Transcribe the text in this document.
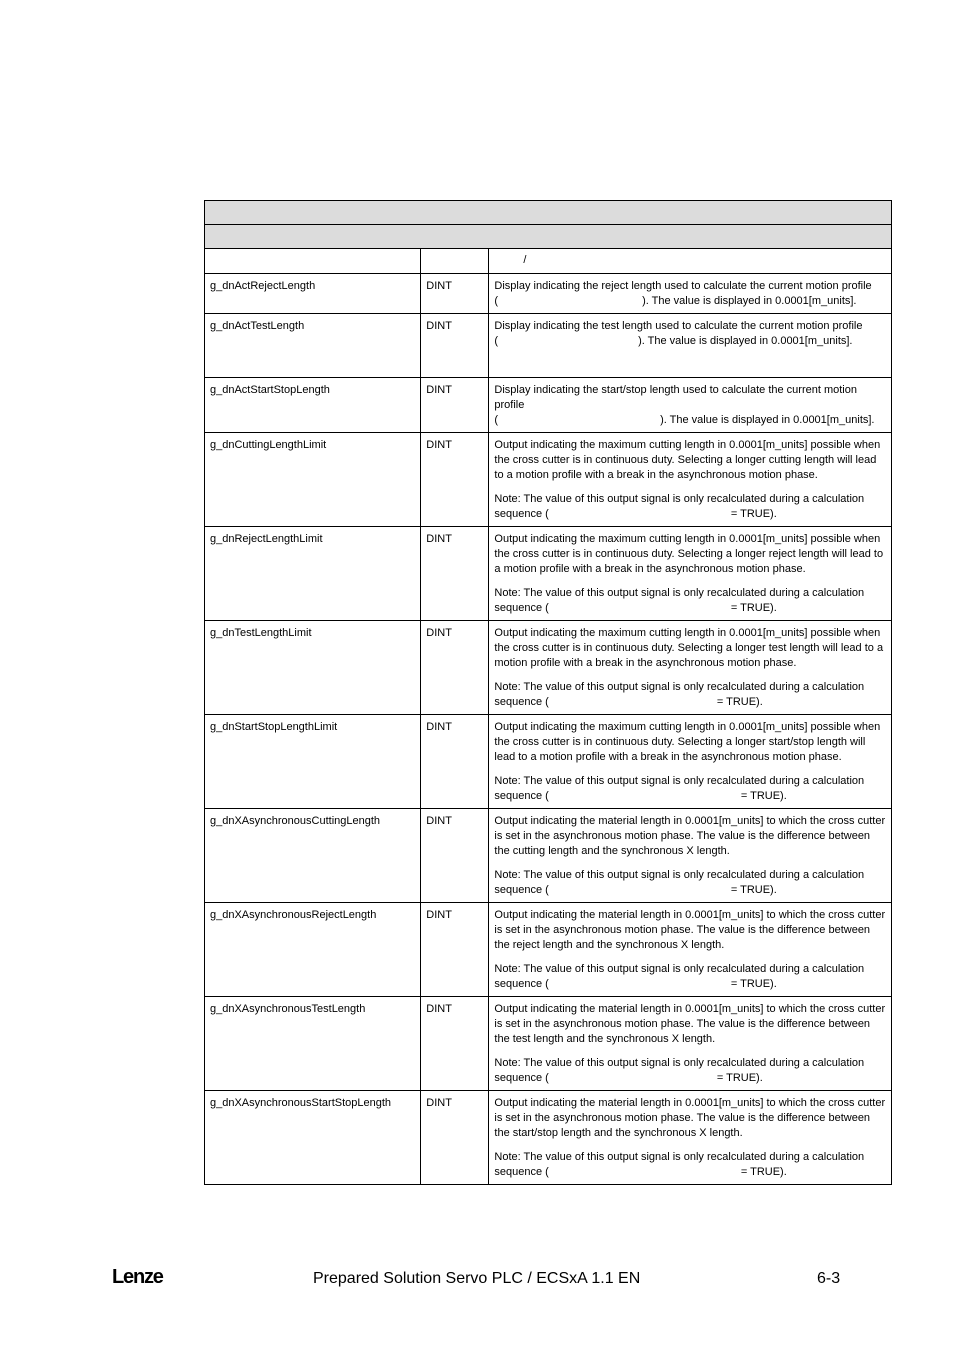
		/
g_dnActRejectLength	DINT	Display indicating the reject length used to calculate the current motion profile
( ). The value is displayed in 0.0001[m_units].

g_dnActTestLength	DINT	Display indicating the test length used to calculate the current motion profile
( ). The value is displayed in 0.0001[m_units].

g_dnActStartStopLength	DINT	Display indicating the start/stop length used to calculate the current motion profile
( ). The value is displayed in 0.0001[m_units].

g_dnCuttingLengthLimit	DINT	Output indicating the maximum cutting length in 0.0001[m_units] possible when the cross cutter is in continuous duty. Selecting a longer cutting length will lead to a motion profile with a break in the asynchronous motion phase.

Note: The value of this output signal is only recalculated during a calculation
sequence ( = TRUE).

g_dnRejectLengthLimit	DINT	Output indicating the maximum cutting length in 0.0001[m_units] possible when the cross cutter is in continuous duty. Selecting a longer reject length will lead to a motion profile with a break in the asynchronous motion phase.

Note: The value of this output signal is only recalculated during a calculation
sequence ( = TRUE).

g_dnTestLengthLimit	DINT	Output indicating the maximum cutting length in 0.0001[m_units] possible when the cross cutter is in continuous duty. Selecting a longer test length will lead to a motion profile with a break in the asynchronous motion phase.

Note: The value of this output signal is only recalculated during a calculation
sequence ( = TRUE).

g_dnStartStopLengthLimit	DINT	Output indicating the maximum cutting length in 0.0001[m_units] possible when the cross cutter is in continuous duty. Selecting a longer start/stop length will lead to a motion profile with a break in the asynchronous motion phase.

Note: The value of this output signal is only recalculated during a calculation
sequence ( = TRUE).

g_dnXAsynchronousCuttingLength	DINT	Output indicating the material length in 0.0001[m_units] to which the cross cutter is set in the asynchronous motion phase. The value is the difference between the cutting length and the synchronous X length.

Note: The value of this output signal is only recalculated during a calculation
sequence ( = TRUE).

g_dnXAsynchronousRejectLength	DINT	Output indicating the material length in 0.0001[m_units] to which the cross cutter is set in the asynchronous motion phase. The value is the difference between the reject length and the synchronous X length.

Note: The value of this output signal is only recalculated during a calculation
sequence ( = TRUE).

g_dnXAsynchronousTestLength	DINT	Output indicating the material length in 0.0001[m_units] to which the cross cutter is set in the asynchronous motion phase. The value is the difference between the test length and the synchronous X length.

Note: The value of this output signal is only recalculated during a calculation
sequence ( = TRUE).

g_dnXAsynchronousStartStopLength	DINT	Output indicating the material length in 0.0001[m_units] to which the cross cutter is set in the asynchronous motion phase. The value is the difference between the start/stop length and the synchronous X length.

Note: The value of this output signal is only recalculated during a calculation
sequence ( = TRUE).

Lenze	Prepared Solution Servo PLC / ECSxA 1.1 EN	6-3
